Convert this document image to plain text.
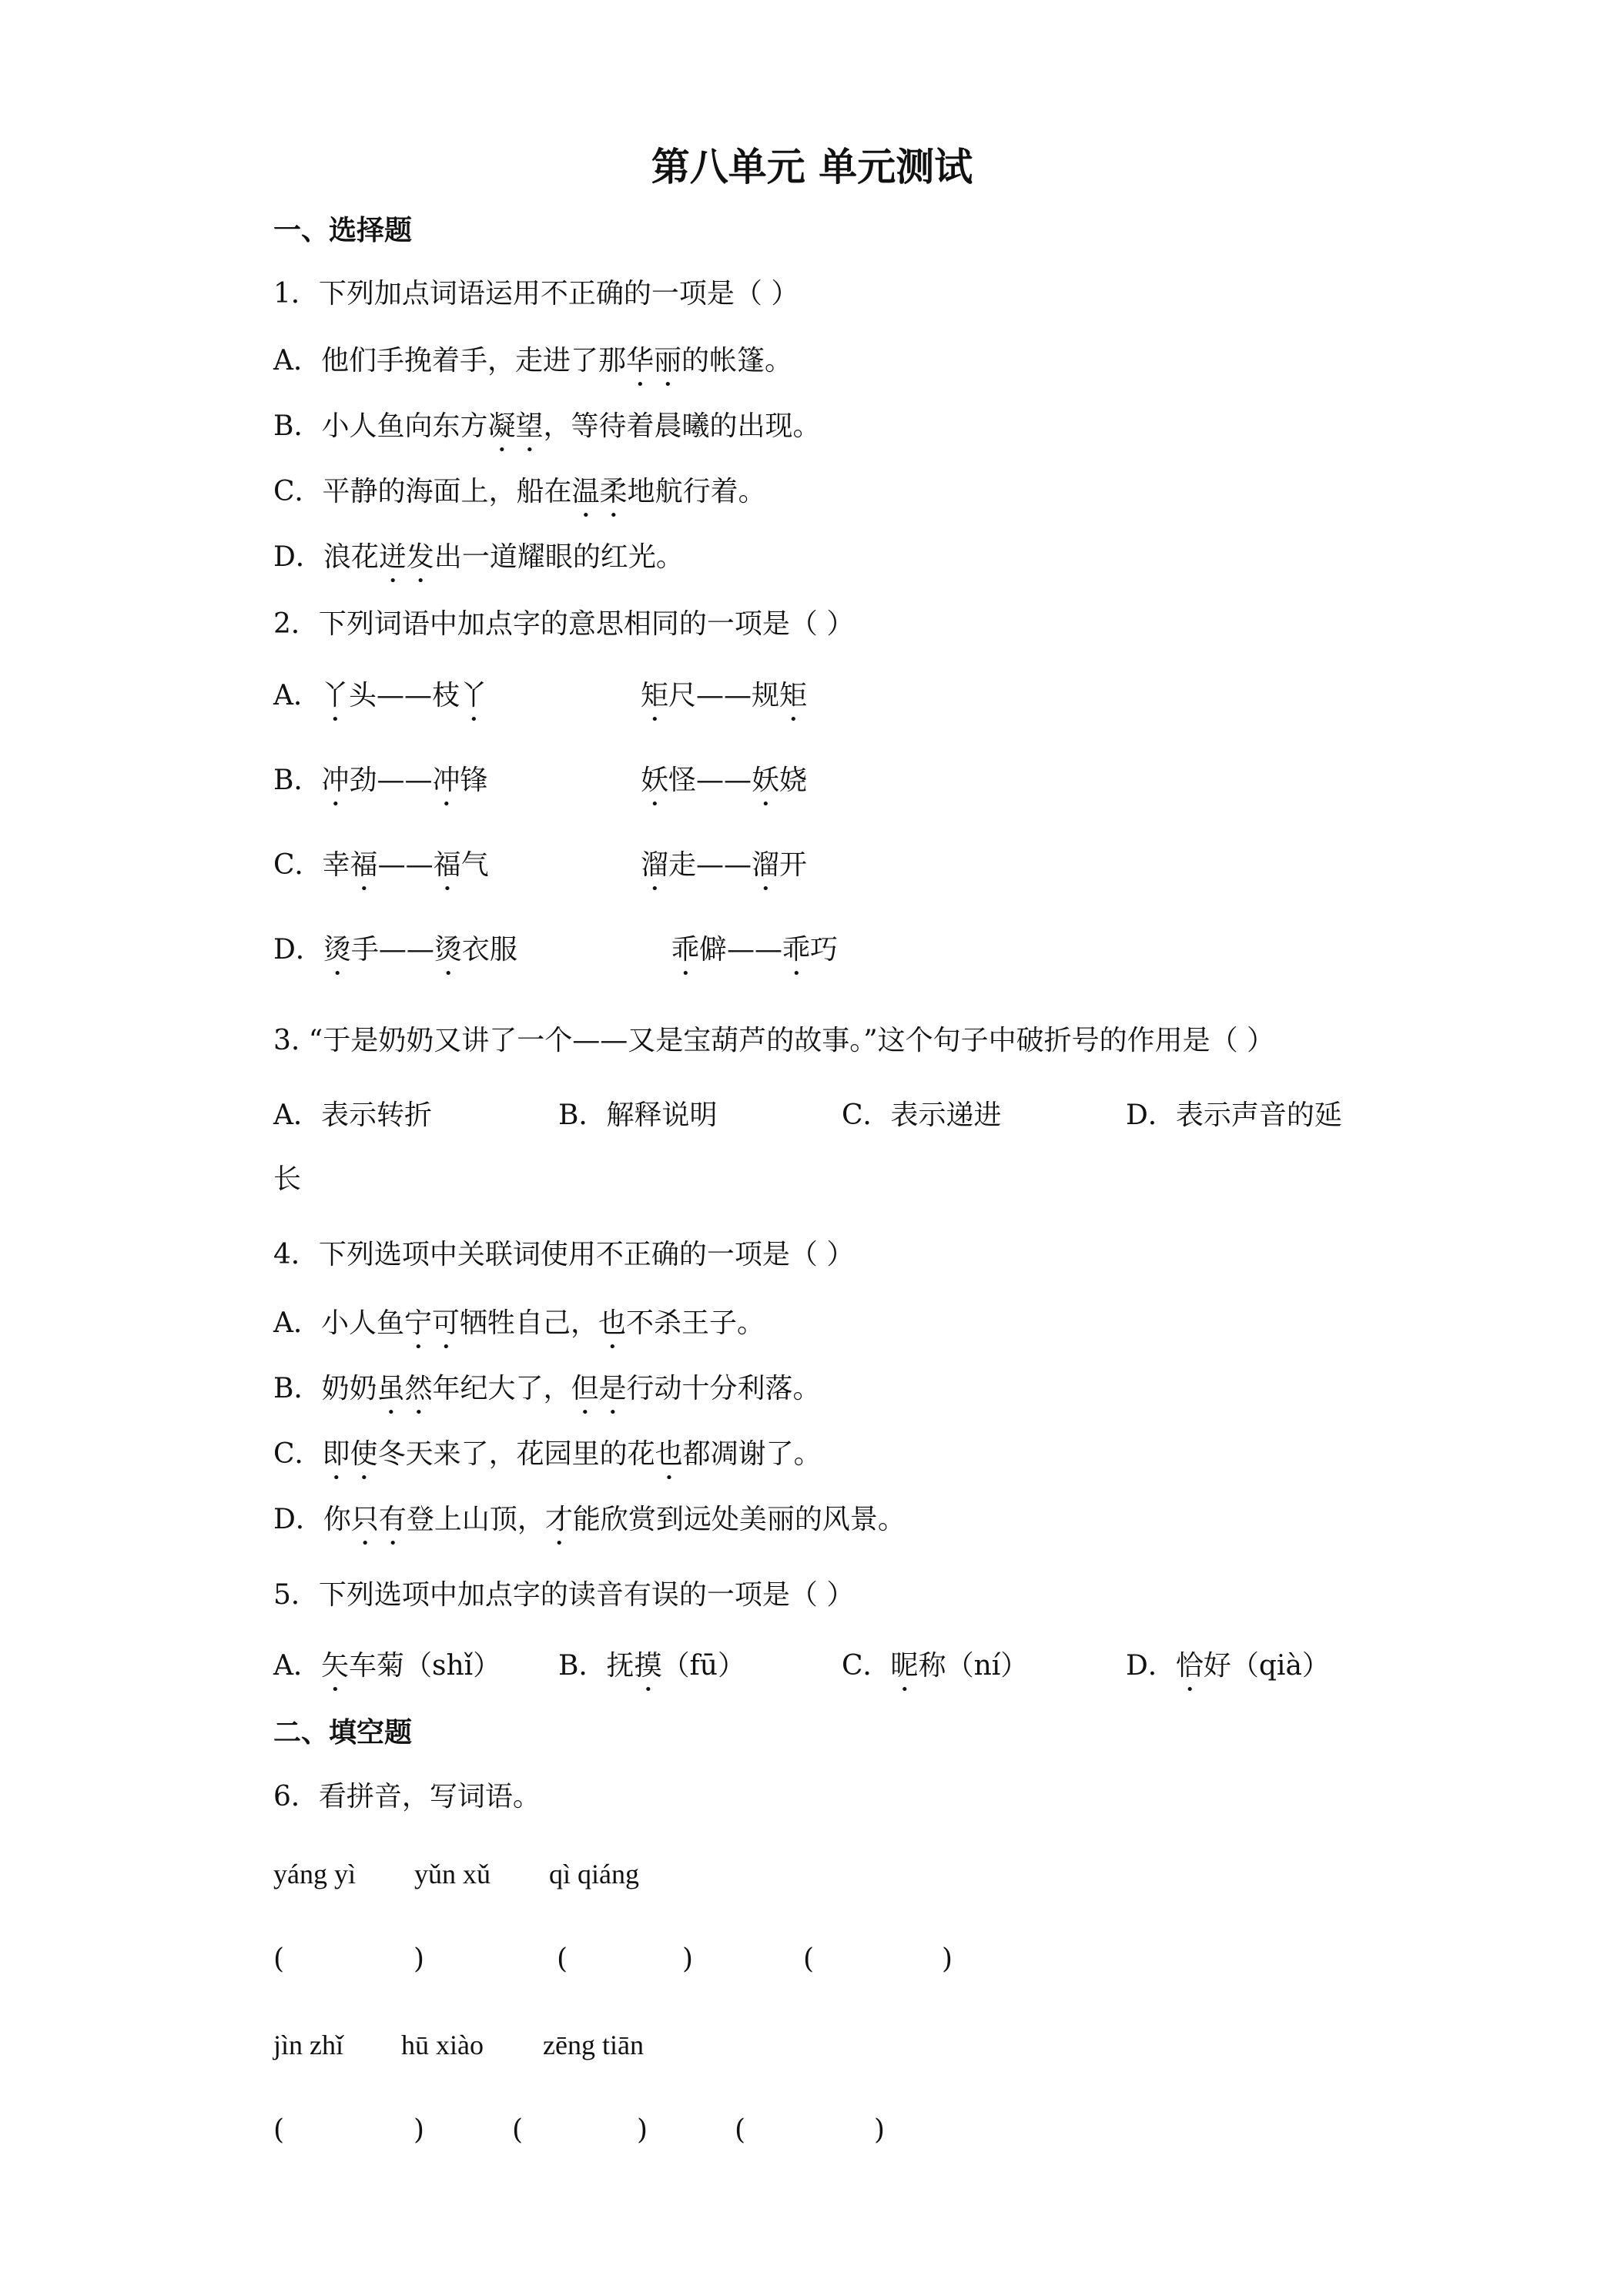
第八单元 单元测试

一、选择题

1．下列加点词语运用不正确的一项是（ ）

A．他们手挽着手，走进了那华丽的帐篷。

B．小人鱼向东方凝望，等待着晨曦的出现。

C．平静的海面上，船在温柔地航行着。

D．浪花迸发出一道耀眼的红光。

2．下列词语中加点字的意思相同的一项是（ ）

A．丫头——枝丫	矩尺——规矩

B．冲劲——冲锋	妖怪——妖娆

C．幸福——福气	溜走——溜开

D．烫手——烫衣服	乖僻——乖巧

3. “于是奶奶又讲了一个——又是宝葫芦的故事。”这个句子中破折号的作用是（ ）

A．表示转折	B．解释说明	C．表示递进	D．表示声音的延

长

4．下列选项中关联词使用不正确的一项是（ ）

A．小人鱼宁可牺牲自己，也不杀王子。

B．奶奶虽然年纪大了，但是行动十分利落。

C．即使冬天来了，花园里的花也都凋谢了。

D．你只有登上山顶，才能欣赏到远处美丽的风景。

5．下列选项中加点字的读音有误的一项是（ ）

A．矢车菊（shǐ） B．抚摸（fū）	C．昵称（ní）	D．恰好（qià）

二、填空题

6．看拼音，写词语。

yáng yì yǔn xǔ qì qiáng

(	)	(	)	(	)

jìn zhǐ hū xiào zēng tiān

(	)	(	)	(	)
